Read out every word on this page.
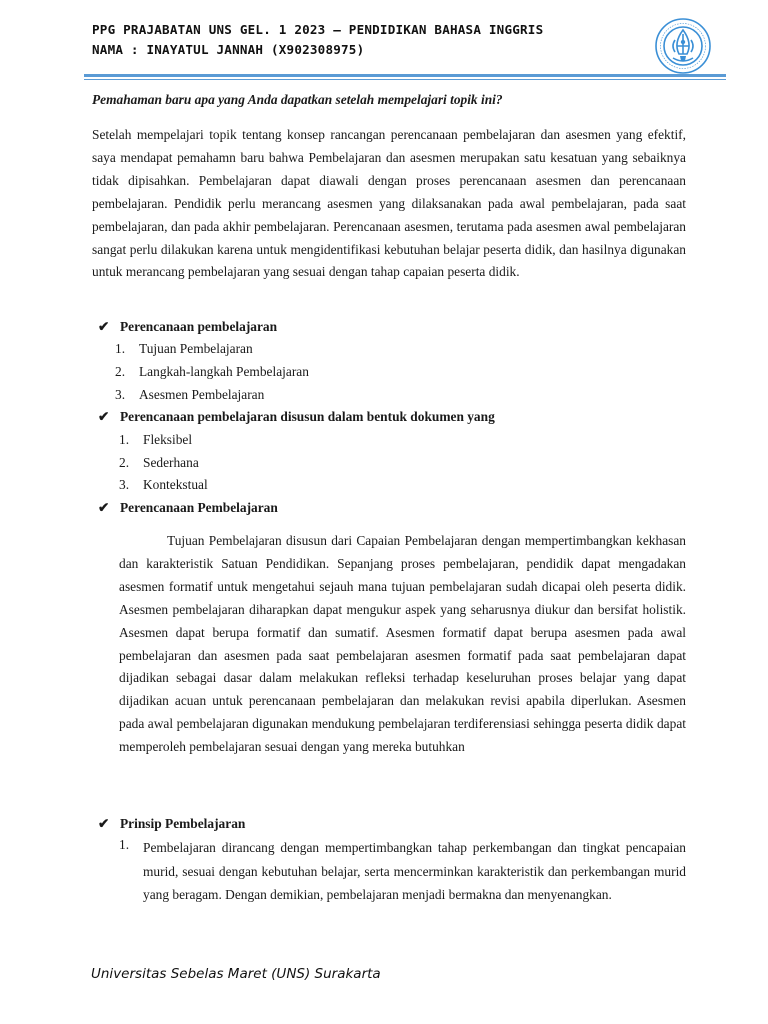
PPG PRAJABATAN UNS GEL. 1 2023 – PENDIDIKAN BAHASA INGGRIS
NAMA : INAYATUL JANNAH (X902308975)
Pemahaman baru apa yang Anda dapatkan setelah mempelajari topik ini?

Setelah mempelajari topik tentang konsep rancangan perencanaan pembelajaran dan asesmen yang efektif, saya mendapat pemahamn baru bahwa Pembelajaran dan asesmen merupakan satu kesatuan yang sebaiknya tidak dipisahkan. Pembelajaran dapat diawali dengan proses perencanaan asesmen dan perencanaan pembelajaran. Pendidik perlu merancang asesmen yang dilaksanakan pada awal pembelajaran, pada saat pembelajaran, dan pada akhir pembelajaran. Perencanaan asesmen, terutama pada asesmen awal pembelajaran sangat perlu dilakukan karena untuk mengidentifikasi kebutuhan belajar peserta didik, dan hasilnya digunakan untuk merancang pembelajaran yang sesuai dengan tahap capaian peserta didik.

✔ Perencanaan pembelajaran
1. Tujuan Pembelajaran
2. Langkah-langkah Pembelajaran
3. Asesmen Pembelajaran
✔ Perencanaan pembelajaran disusun dalam bentuk dokumen yang
1. Fleksibel
2. Sederhana
3. Kontekstual
✔ Perencanaan Pembelajaran

Tujuan Pembelajaran disusun dari Capaian Pembelajaran dengan mempertimbangkan kekhasan dan karakteristik Satuan Pendidikan. Sepanjang proses pembelajaran, pendidik dapat mengadakan asesmen formatif untuk mengetahui sejauh mana tujuan pembelajaran sudah dicapai oleh peserta didik. Asesmen pembelajaran diharapkan dapat mengukur aspek yang seharusnya diukur dan bersifat holistik. Asesmen dapat berupa formatif dan sumatif. Asesmen formatif dapat berupa asesmen pada awal pembelajaran dan asesmen pada saat pembelajaran asesmen formatif pada saat pembelajaran dapat dijadikan sebagai dasar dalam melakukan refleksi terhadap keseluruhan proses belajar yang dapat dijadikan acuan untuk perencanaan pembelajaran dan melakukan revisi apabila diperlukan. Asesmen pada awal pembelajaran digunakan mendukung pembelajaran terdiferensiasi sehingga peserta didik dapat memperoleh pembelajaran sesuai dengan yang mereka butuhkan

✔ Prinsip Pembelajaran
1. Pembelajaran dirancang dengan mempertimbangkan tahap perkembangan dan tingkat pencapaian murid, sesuai dengan kebutuhan belajar, serta mencerminkan karakteristik dan perkembangan murid yang beragam. Dengan demikian, pembelajaran menjadi bermakna dan menyenangkan.

Universitas Sebelas Maret (UNS) Surakarta
